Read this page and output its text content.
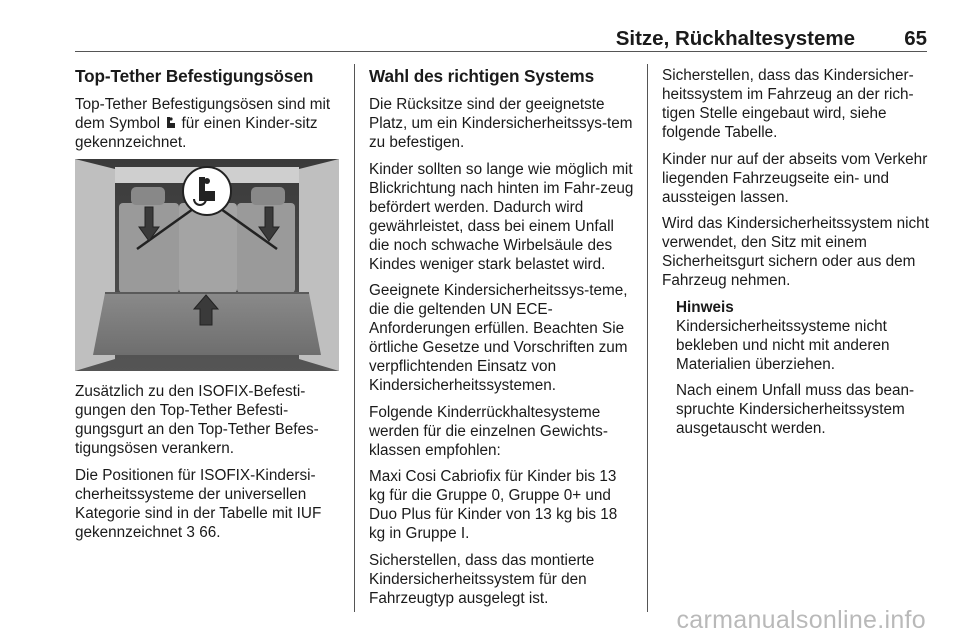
Sitze, Rückhaltesysteme 65
Top-Tether Befestigungsösen

Top-Tether Befestigungsösen sind mit dem Symbol für einen Kinder-sitz gekennzeichnet.

Zusätzlich zu den ISOFIX-Befesti-gungen den Top-Tether Befesti-gungsgurt an den Top-Tether Befes-tigungsösen verankern.

Die Positionen für ISOFIX-Kindersi-cherheitssysteme der universellen Kategorie sind in der Tabelle mit IUF gekennzeichnet 3 66.

Wahl des richtigen Systems

Die Rücksitze sind der geeignetste Platz, um ein Kindersicherheitssys-tem zu befestigen.

Kinder sollten so lange wie möglich mit Blickrichtung nach hinten im Fahr-zeug befördert werden. Dadurch wird gewährleistet, dass bei einem Unfall die noch schwache Wirbelsäule des Kindes weniger stark belastet wird.

Geeignete Kindersicherheitssys-teme, die die geltenden UN ECE-Anforderungen erfüllen. Beachten Sie örtliche Gesetze und Vorschriften zum verpflichtenden Einsatz von Kindersicherheitssystemen.

Folgende Kinderrückhaltesysteme werden für die einzelnen Gewichts-klassen empfohlen:

Maxi Cosi Cabriofix für Kinder bis 13 kg für die Gruppe 0, Gruppe 0+ und Duo Plus für Kinder von 13 kg bis 18 kg in Gruppe I.

Sicherstellen, dass das montierte Kindersicherheitssystem für den Fahrzeugtyp ausgelegt ist.

Sicherstellen, dass das Kindersicher-heitssystem im Fahrzeug an der rich-tigen Stelle eingebaut wird, siehe folgende Tabelle.

Kinder nur auf der abseits vom Verkehr liegenden Fahrzeugseite ein- und aussteigen lassen.

Wird das Kindersicherheitssystem nicht verwendet, den Sitz mit einem Sicherheitsgurt sichern oder aus dem Fahrzeug nehmen.

Hinweis

Kindersicherheitssysteme nicht bekleben und nicht mit anderen Materialien überziehen.

Nach einem Unfall muss das bean-spruchte Kindersicherheitssystem ausgetauscht werden.

carmanualsonline.info
